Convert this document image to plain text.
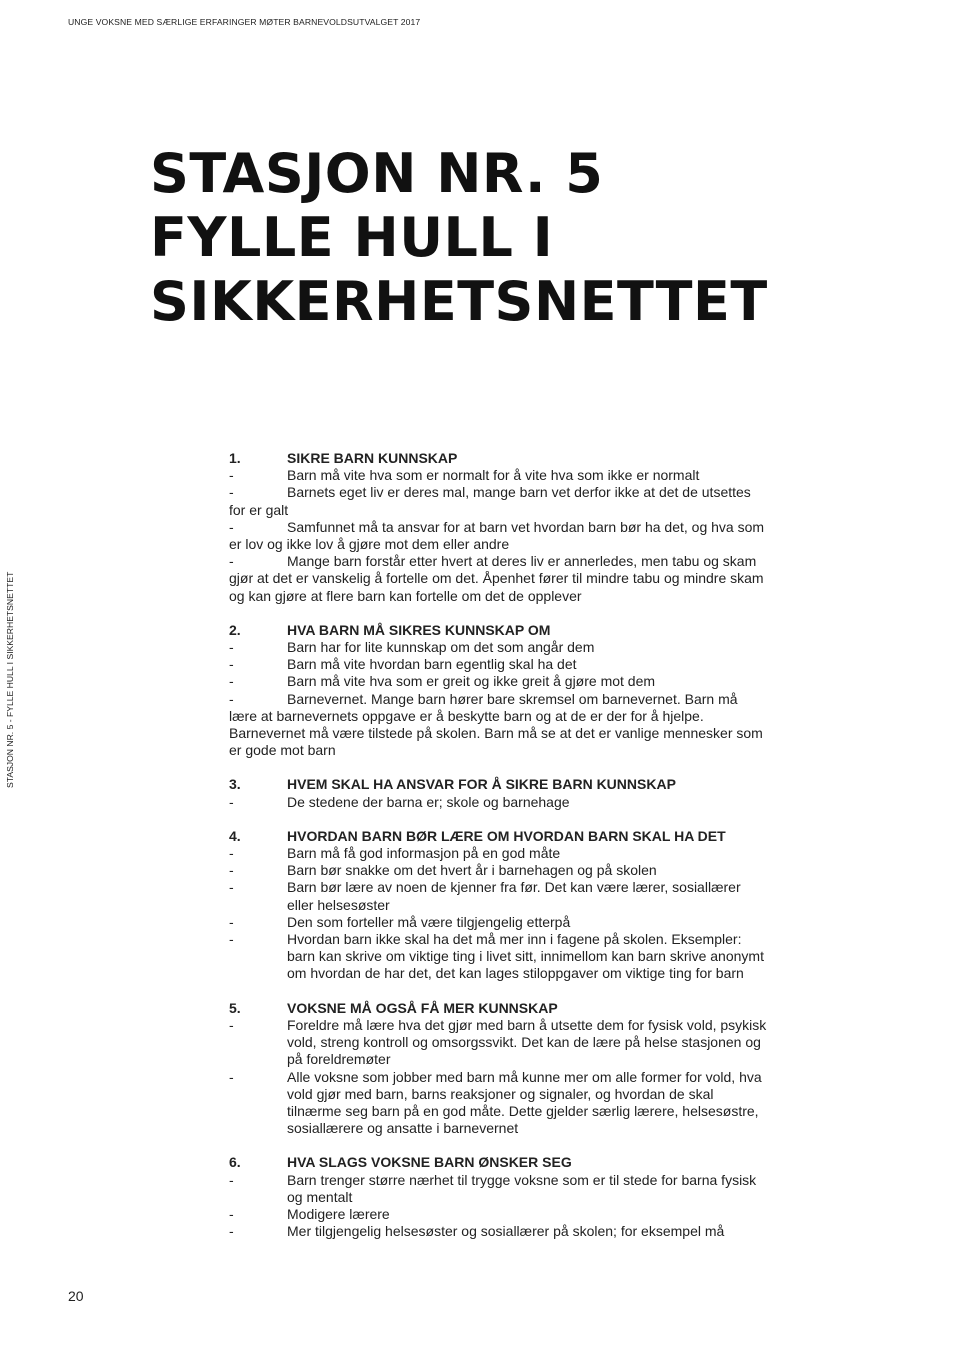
UNGE VOKSNE MED SÆRLIGE ERFARINGER MØTER BARNEVOLDSUTVALGET 2017
STASJON NR. 5 - FYLLE HULL I SIKKERHETSNETTET
STASJON NR. 5
FYLLE HULL I
SIKKERHETSNETTET
1.	SIKRE BARN KUNNSKAP
-	Barn må vite hva som er normalt for å vite hva som ikke er normalt
-	Barnets eget liv er deres mal, mange barn vet derfor ikke at det de utsettes for er galt
-	Samfunnet må ta ansvar for at barn vet hvordan barn bør ha det, og hva som er lov og ikke lov å gjøre mot dem eller andre
-	Mange barn forstår etter hvert at deres liv er annerledes, men tabu og skam gjør at det er vanskelig å fortelle om det. Åpenhet fører til mindre tabu og mindre skam og kan gjøre at flere barn kan fortelle om det de opplever
2.	HVA BARN MÅ SIKRES KUNNSKAP OM
-	Barn har for lite kunnskap om det som angår dem
-	Barn må vite hvordan barn egentlig skal ha det
-	Barn må vite hva som er greit og ikke greit å gjøre mot dem
-	Barnevernet. Mange barn hører bare skremsel om barnevernet. Barn må lære at barnevernets oppgave er å beskytte barn og at de er der for å hjelpe. Barnevernet må være tilstede på skolen. Barn må se at det er vanlige mennesker som er gode mot barn
3.	HVEM SKAL HA ANSVAR FOR Å SIKRE BARN KUNNSKAP
-	De stedene der barna er; skole og barnehage
4.	HVORDAN BARN BØR LÆRE OM HVORDAN BARN SKAL HA DET
-	Barn må få god informasjon på en god måte
-	Barn bør snakke om det hvert år i barnehagen og på skolen
-	Barn bør lære av noen de kjenner fra før. Det kan være lærer, sosiallærer eller helsesøster
-	Den som forteller må være tilgjengelig etterpå
-	Hvordan barn ikke skal ha det må mer inn i fagene på skolen. Eksempler: barn kan skrive om viktige ting i livet sitt, innimellom kan barn skrive anonymt om hvordan de har det, det kan lages stiloppgaver om viktige ting for barn
5.	VOKSNE MÅ OGSÅ FÅ MER KUNNSKAP
-	Foreldre må lære hva det gjør med barn å utsette dem for fysisk vold, psykisk vold, streng kontroll og omsorgssvikt. Det kan de lære på helse stasjonen og på foreldremøter
-	Alle voksne som jobber med barn må kunne mer om alle former for vold, hva vold gjør med barn, barns reaksjoner og signaler, og hvordan de skal tilnærme seg barn på en god måte. Dette gjelder særlig lærere, helsesøstre, sosiallærere og ansatte i barnevernet
6.	HVA SLAGS VOKSNE BARN ØNSKER SEG
-	Barn trenger større nærhet til trygge voksne som er til stede for barna fysisk og mentalt
-	Modigere lærere
-	Mer tilgjengelig helsesøster og sosiallærer på skolen; for eksempel må
20
